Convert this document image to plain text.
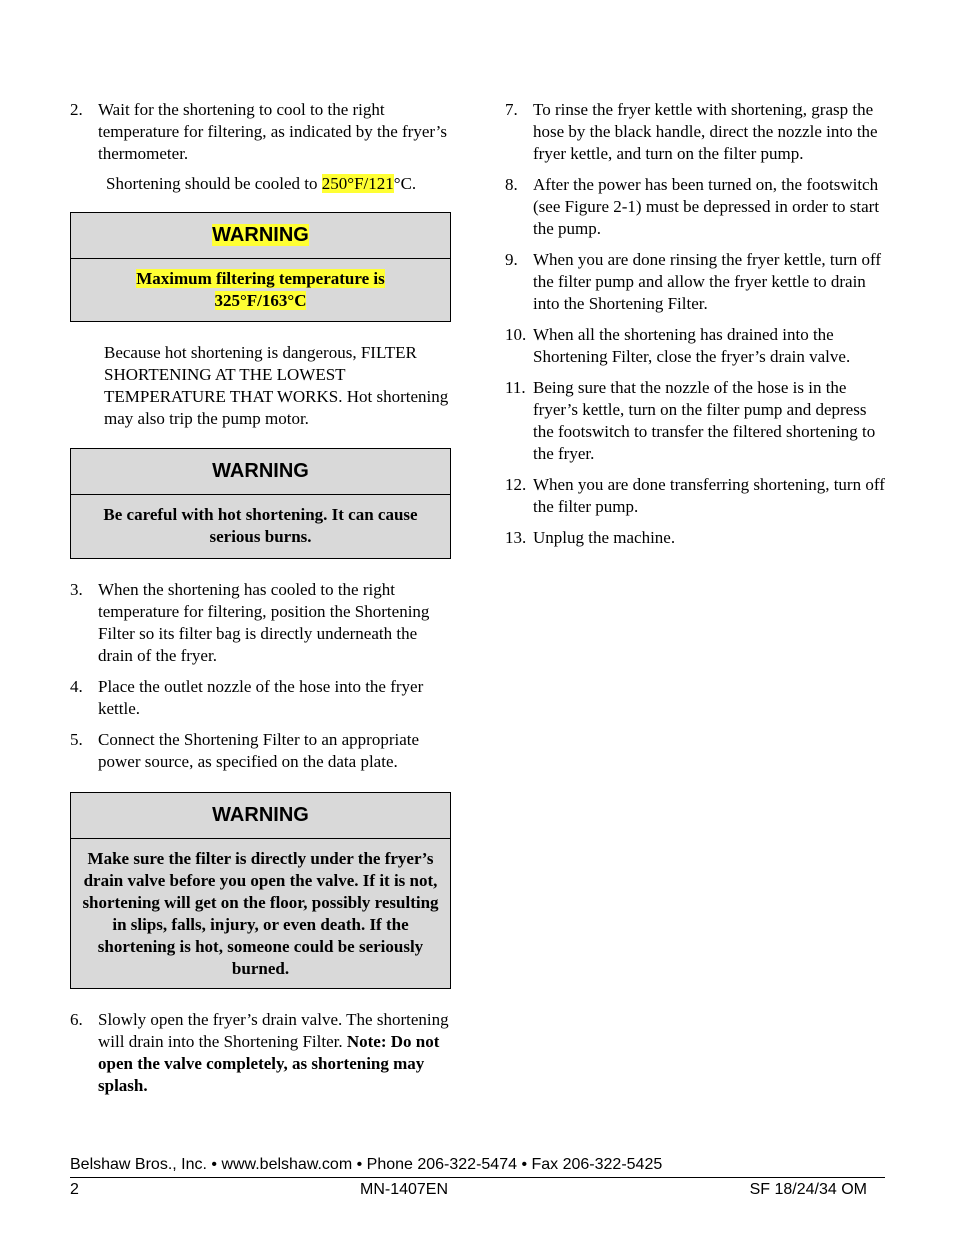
2. Wait for the shortening to cool to the right temperature for filtering, as indicated by the fryer’s thermometer.

Shortening should be cooled to 250°F/121°C.

WARNING
Maximum filtering temperature is 325°F/163°C

Because hot shortening is dangerous, FILTER SHORTENING AT THE LOWEST TEMPERATURE THAT WORKS. Hot shortening may also trip the pump motor.

WARNING
Be careful with hot shortening. It can cause serious burns.
3. When the shortening has cooled to the right temperature for filtering, position the Shortening Filter so its filter bag is directly underneath the drain of the fryer.
4. Place the outlet nozzle of the hose into the fryer kettle.
5. Connect the Shortening Filter to an appropriate power source, as specified on the data plate.
WARNING
Make sure the filter is directly under the fryer’s drain valve before you open the valve. If it is not, shortening will get on the floor, possibly resulting in slips, falls, injury, or even death. If the shortening is hot, someone could be seriously burned.
6. Slowly open the fryer’s drain valve. The shortening will drain into the Shortening Filter. Note: Do not open the valve completely, as shortening may splash.
7. To rinse the fryer kettle with shortening, grasp the hose by the black handle, direct the nozzle into the fryer kettle, and turn on the filter pump.
8. After the power has been turned on, the footswitch (see Figure 2-1) must be depressed in order to start the pump.
9. When you are done rinsing the fryer kettle, turn off the filter pump and allow the fryer kettle to drain into the Shortening Filter.
10. When all the shortening has drained into the Shortening Filter, close the fryer’s drain valve.
11. Being sure that the nozzle of the hose is in the fryer’s kettle, turn on the filter pump and depress the footswitch to transfer the filtered shortening to the fryer.
12. When you are done transferring shortening, turn off the filter pump.
13. Unplug the machine.
Belshaw Bros., Inc. • www.belshaw.com • Phone 206-322-5474 • Fax 206-322-5425
2	MN-1407EN	SF 18/24/34 OM
